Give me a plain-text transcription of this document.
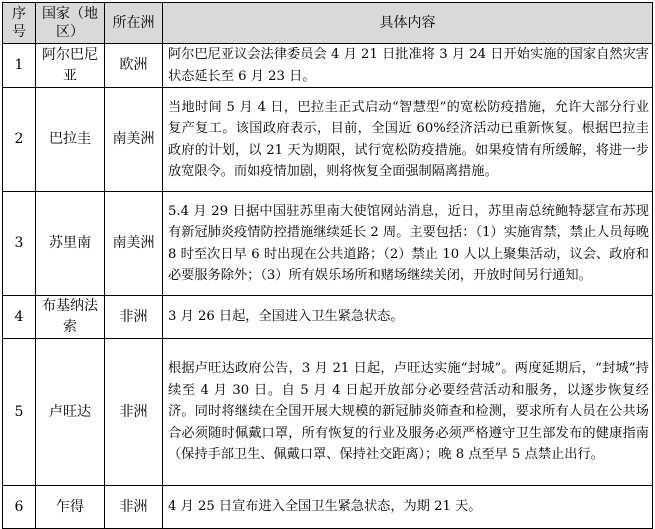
序号	国家（地区）	所在洲	具体内容
1	阿尔巴尼亚	欧洲	阿尔巴尼亚议会法律委员会 4 月 21 日批准将 3 月 24 日开始实施的国家自然灾害状态延长至 6 月 23 日。
2	巴拉圭	南美洲	当地时间 5 月 4 日，巴拉圭正式启动“智慧型”的宽松防疫措施，允许大部分行业复产复工。该国政府表示，目前，全国近 60%经济活动已重新恢复。根据巴拉圭政府的计划，以 21 天为期限，试行宽松防疫措施。如果疫情有所缓解，将进一步放宽限令。而如疫情加剧，则将恢复全面强制隔离措施。
3	苏里南	南美洲	5.4 月 29 日据中国驻苏里南大使馆网站消息，近日，苏里南总统鲍特瑟宣布苏现有新冠肺炎疫情防控措施继续延长 2 周。主要包括：（1）实施宵禁，禁止人员每晚 8 时至次日早 6 时出现在公共道路；（2）禁止 10 人以上聚集活动，议会、政府和必要服务除外；（3）所有娱乐场所和赌场继续关闭，开放时间另行通知。
4	布基纳法索	非洲	3 月 26 日起，全国进入卫生紧急状态。
5	卢旺达	非洲	根据卢旺达政府公告，3 月 21 日起，卢旺达实施“封城”。两度延期后，“封城”持续至 4 月 30 日。自 5 月 4 日起开放部分必要经营活动和服务，以逐步恢复经济。同时将继续在全国开展大规模的新冠肺炎筛查和检测，要求所有人员在公共场合必须随时佩戴口罩，所有恢复的行业及服务必须严格遵守卫生部发布的健康指南（保持手部卫生、佩戴口罩、保持社交距离）；晚 8 点至早 5 点禁止出行。
6	乍得	非洲	4 月 25 日宣布进入全国卫生紧急状态，为期 21 天。
